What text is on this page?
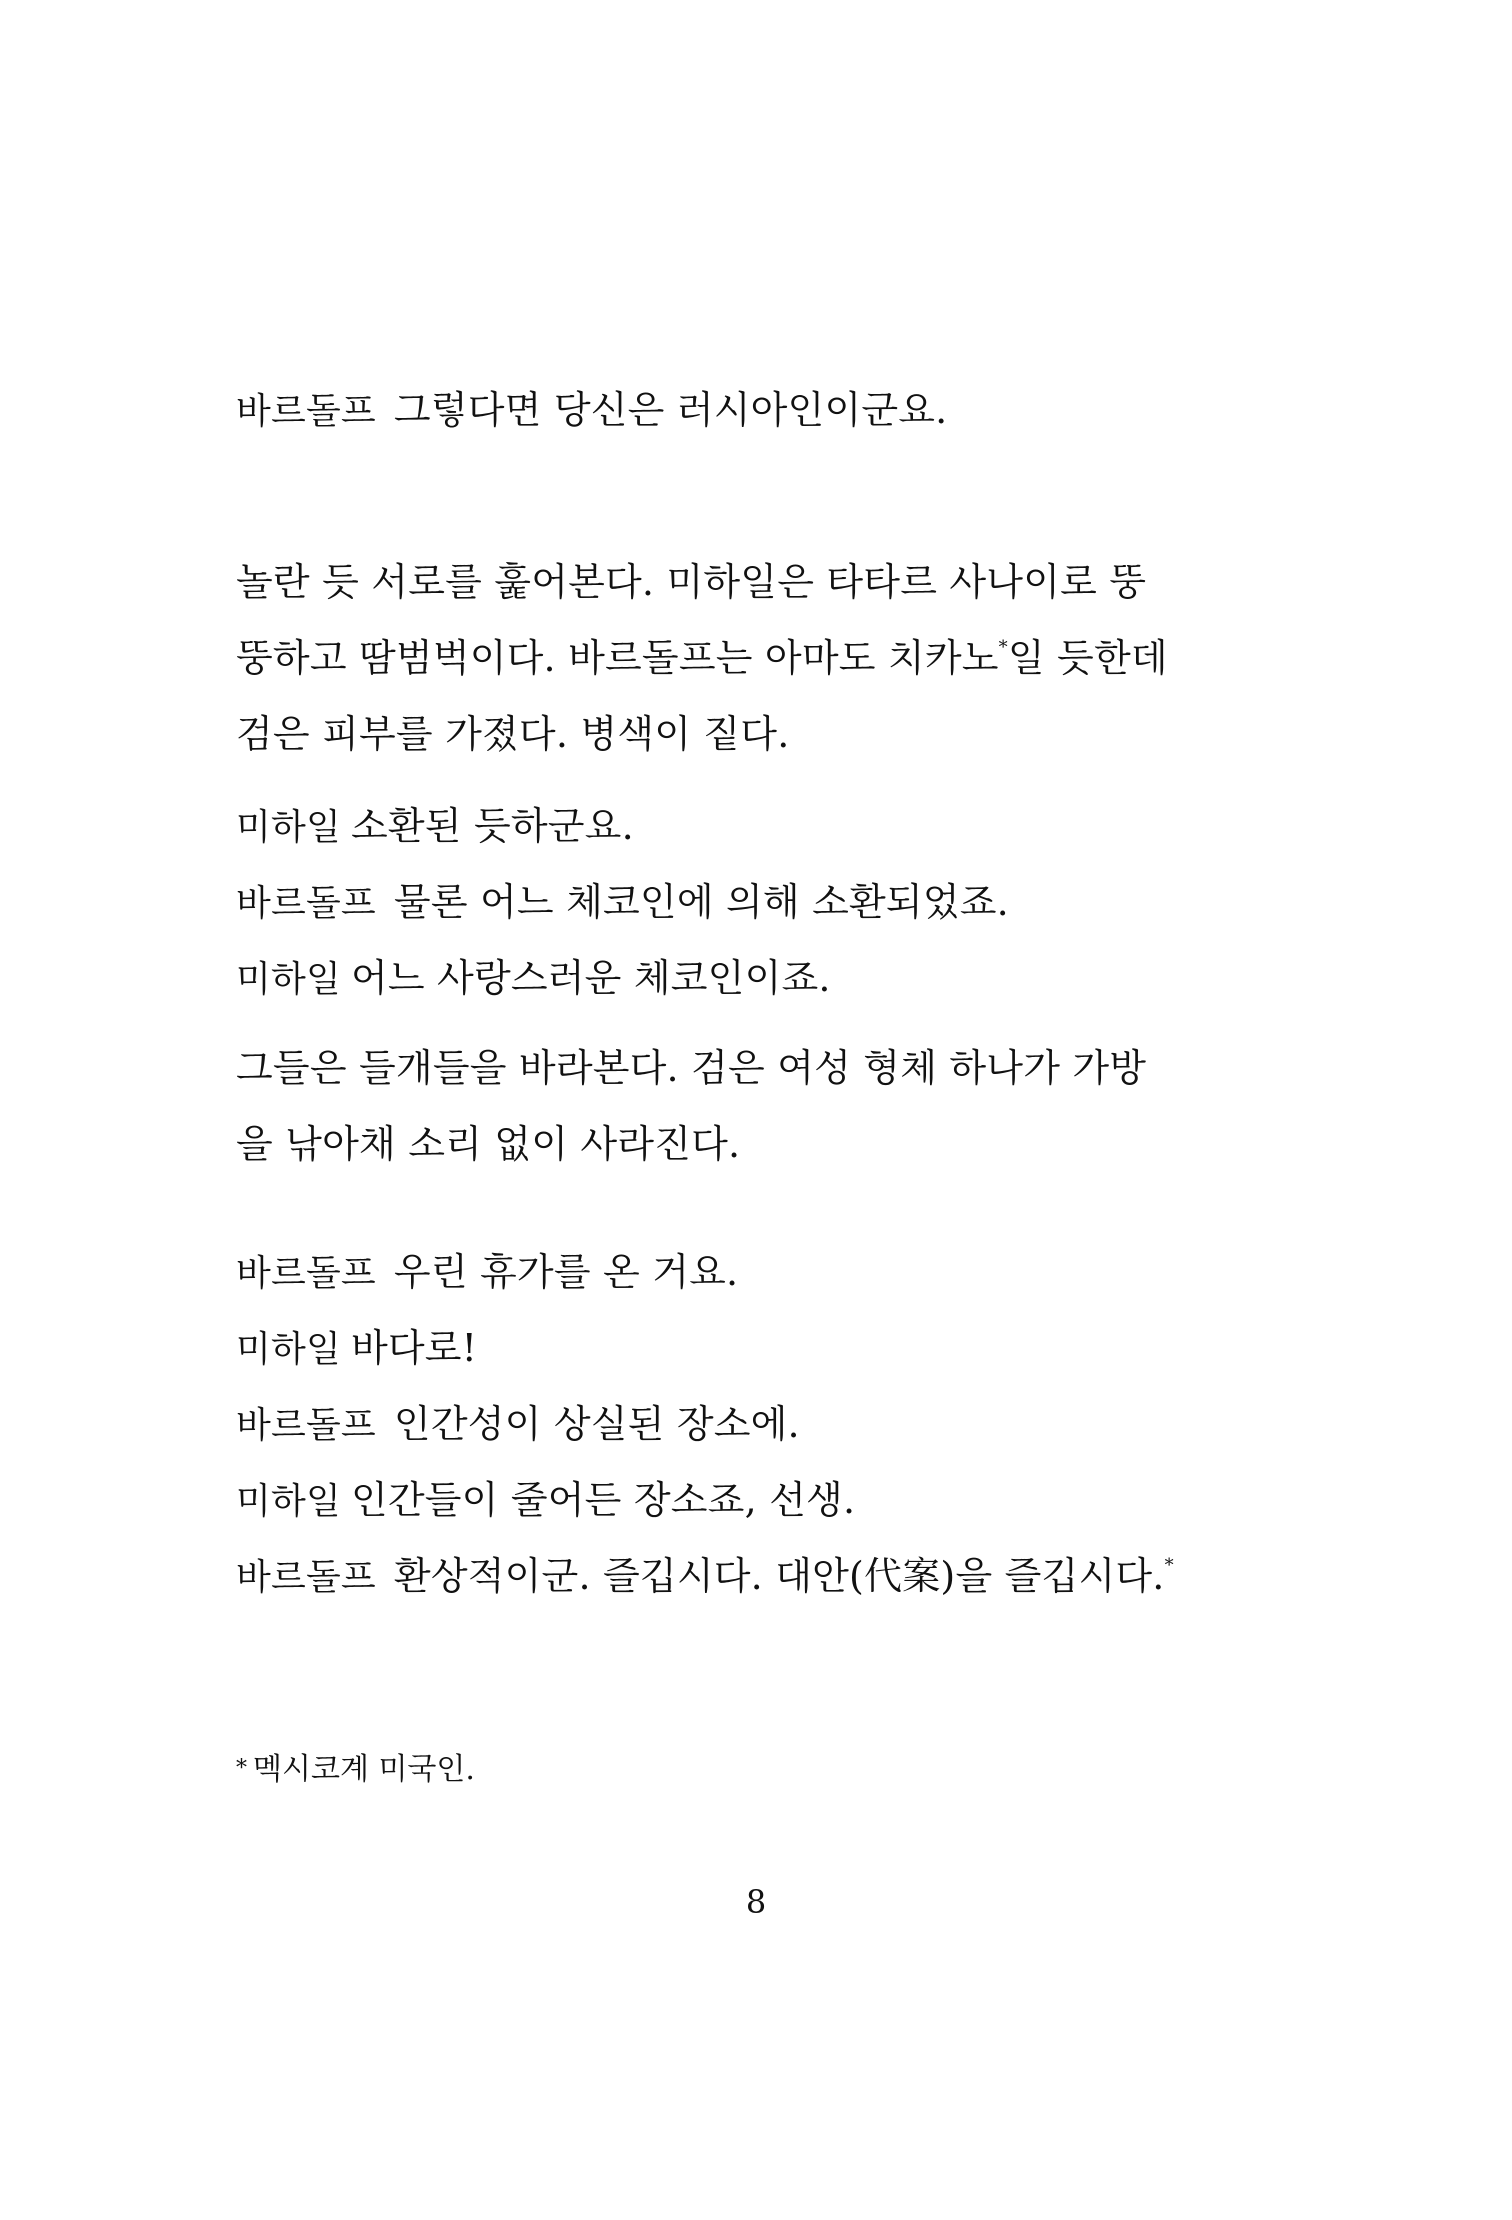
바르돌프 그렇다면 당신은 러시아인이군요.
놀란 듯 서로를 훑어본다. 미하일은 타타르 사나이로 뚱
뚱하고 땀범벅이다. 바르돌프는 아마도 치카노*일 듯한데
검은 피부를 가졌다. 병색이 짙다.
미하일 소환된 듯하군요.
바르돌프 물론 어느 체코인에 의해 소환되었죠.
미하일 어느 사랑스러운 체코인이죠.
그들은 들개들을 바라본다. 검은 여성 형체 하나가 가방
을 낚아채 소리 없이 사라진다.
바르돌프 우린 휴가를 온 거요.
미하일 바다로!
바르돌프 인간성이 상실된 장소에.
미하일 인간들이 줄어든 장소죠, 선생.
바르돌프 환상적이군. 즐깁시다. 대안(代案)을 즐깁시다.*
* 멕시코계 미국인.
8
